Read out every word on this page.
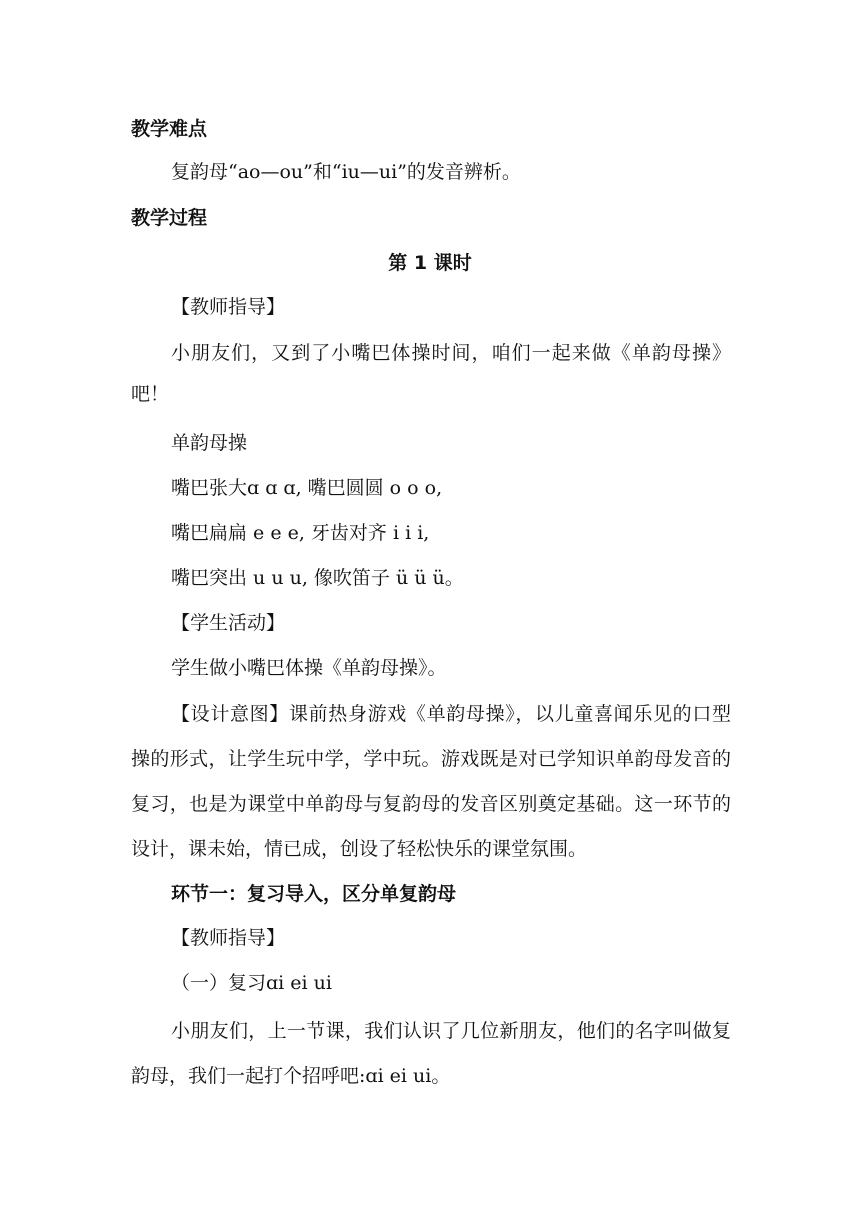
教学难点
复韵母“ao—ou”和“iu—ui”的发音辨析。
教学过程
第 1 课时
【教师指导】
小朋友们，又到了小嘴巴体操时间，咱们一起来做《单韵母操》吧！
单韵母操
嘴巴张大ɑ ɑ ɑ, 嘴巴圆圆 o o o,
嘴巴扁扁 e e e, 牙齿对齐 i i i,
嘴巴突出 u u u, 像吹笛子 ü ü ü。
【学生活动】
学生做小嘴巴体操《单韵母操》。
【设计意图】课前热身游戏《单韵母操》，以儿童喜闻乐见的口型操的形式，让学生玩中学，学中玩。游戏既是对已学知识单韵母发音的复习，也是为课堂中单韵母与复韵母的发音区别奠定基础。这一环节的设计，课未始，情已成，创设了轻松快乐的课堂氛围。
环节一：复习导入，区分单复韵母
【教师指导】
（一）复习ɑi ei ui
小朋友们，上一节课，我们认识了几位新朋友，他们的名字叫做复韵母，我们一起打个招呼吧:ɑi ei ui。
